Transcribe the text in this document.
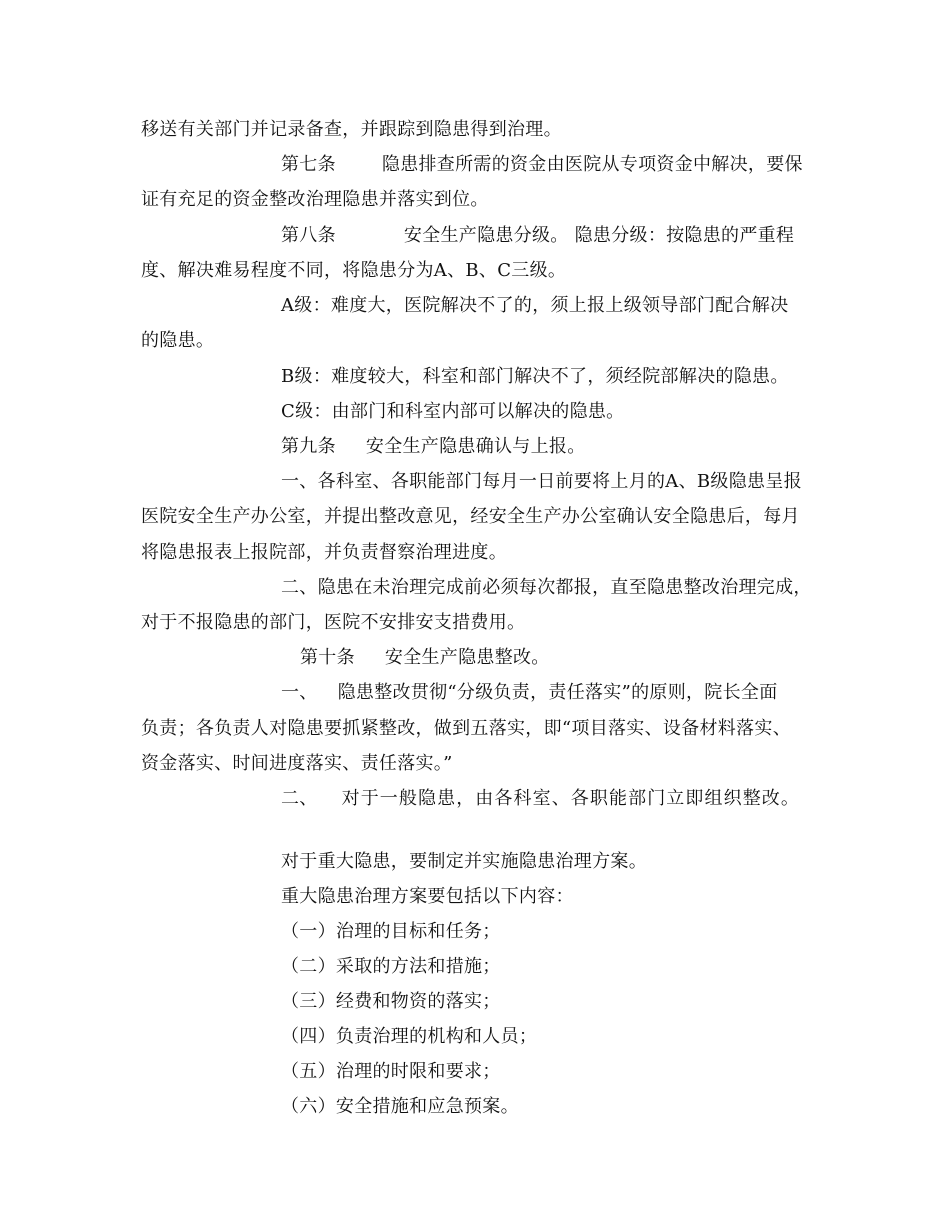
移送有关部门并记录备查，并跟踪到隐患得到治理。
第七条	隐患排查所需的资金由医院从专项资金中解决，要保
证有充足的资金整改治理隐患并落实到位。
第八条	安全生产隐患分级。 隐患分级：按隐患的严重程
度、解决难易程度不同，将隐患分为A、B、C三级。
A级：难度大，医院解决不了的，须上报上级领导部门配合解决
的隐患。
B级：难度较大，科室和部门解决不了，须经院部解决的隐患。
C级：由部门和科室内部可以解决的隐患。
第九条 安全生产隐患确认与上报。
一、各科室、各职能部门每月一日前要将上月的A、B级隐患呈报
医院安全生产办公室，并提出整改意见，经安全生产办公室确认安全隐患后，每月
将隐患报表上报院部，并负责督察治理进度。
二、隐患在未治理完成前必须每次都报，直至隐患整改治理完成，
对于不报隐患的部门，医院不安排安支措费用。
第十条 安全生产隐患整改。
一、 隐患整改贯彻“分级负责，责任落实”的原则，院长全面
负责；各负责人对隐患要抓紧整改，做到五落实，即“项目落实、设备材料落实、
资金落实、时间进度落实、责任落实。”
二、 对于一般隐患，由各科室、各职能部门立即组织整改。
对于重大隐患，要制定并实施隐患治理方案。
重大隐患治理方案要包括以下内容：
（一）治理的目标和任务；
（二）采取的方法和措施；
（三）经费和物资的落实；
（四）负责治理的机构和人员；
（五）治理的时限和要求；
（六）安全措施和应急预案。
